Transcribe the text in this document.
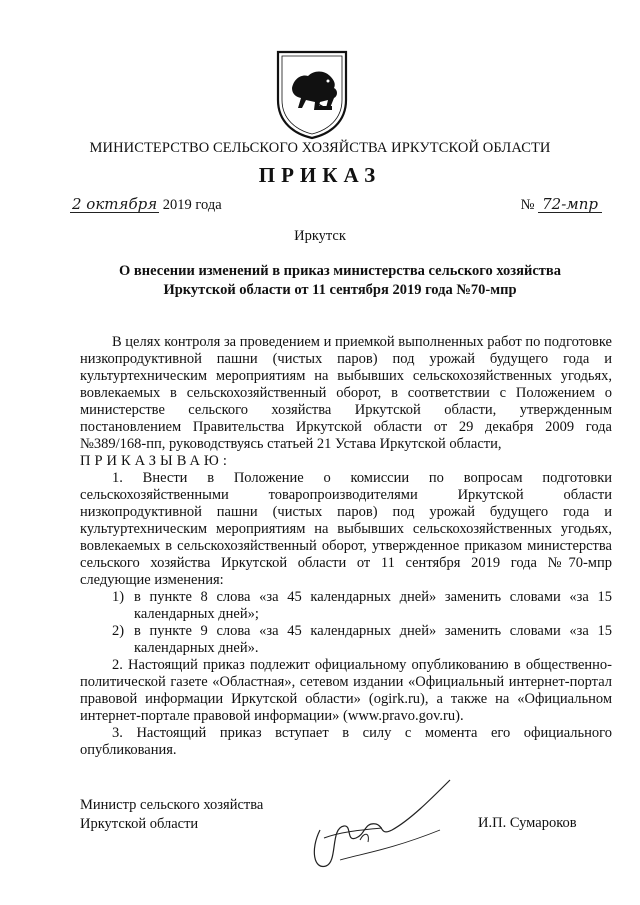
МИНИСТЕРСТВО СЕЛЬСКОГО ХОЗЯЙСТВА ИРКУТСКОЙ ОБЛАСТИ
ПРИКАЗ
2 октября 2019 года	№ 72-мпр
Иркутск
О внесении изменений в приказ министерства сельского хозяйства
Иркутской области от 11 сентября 2019 года №70-мпр

В целях контроля за проведением и приемкой выполненных работ по подготовке низкопродуктивной пашни (чистых паров) под урожай будущего года и культуртехническим мероприятиям на выбывших сельскохозяйственных угодьях, вовлекаемых в сельскохозяйственный оборот, в соответствии с Положением о министерстве сельского хозяйства Иркутской области, утвержденным постановлением Правительства Иркутской области от 29 декабря 2009 года №389/168-пп, руководствуясь статьей 21 Устава Иркутской области,

ПРИКАЗЫВАЮ:

1. Внести в Положение о комиссии по вопросам подготовки сельскохозяйственными товаропроизводителями Иркутской области низкопродуктивной пашни (чистых паров) под урожай будущего года и культуртехническим мероприятиям на выбывших сельскохозяйственных угодьях, вовлекаемых в сельскохозяйственный оборот, утвержденное приказом министерства сельского хозяйства Иркутской области от 11 сентября 2019 года №70-мпр следующие изменения:

1) в пункте 8 слова «за 45 календарных дней» заменить словами «за 15 календарных дней»;
2) в пункте 9 слова «за 45 календарных дней» заменить словами «за 15 календарных дней».

2. Настоящий приказ подлежит официальному опубликованию в общественно-политической газете «Областная», сетевом издании «Официальный интернет-портал правовой информации Иркутской области» (ogirk.ru), а также на «Официальном интернет-портале правовой информации» (www.pravo.gov.ru).

3. Настоящий приказ вступает в силу с момента его официального опубликования.

Министр сельского хозяйства
Иркутской области	И.П. Сумароков
